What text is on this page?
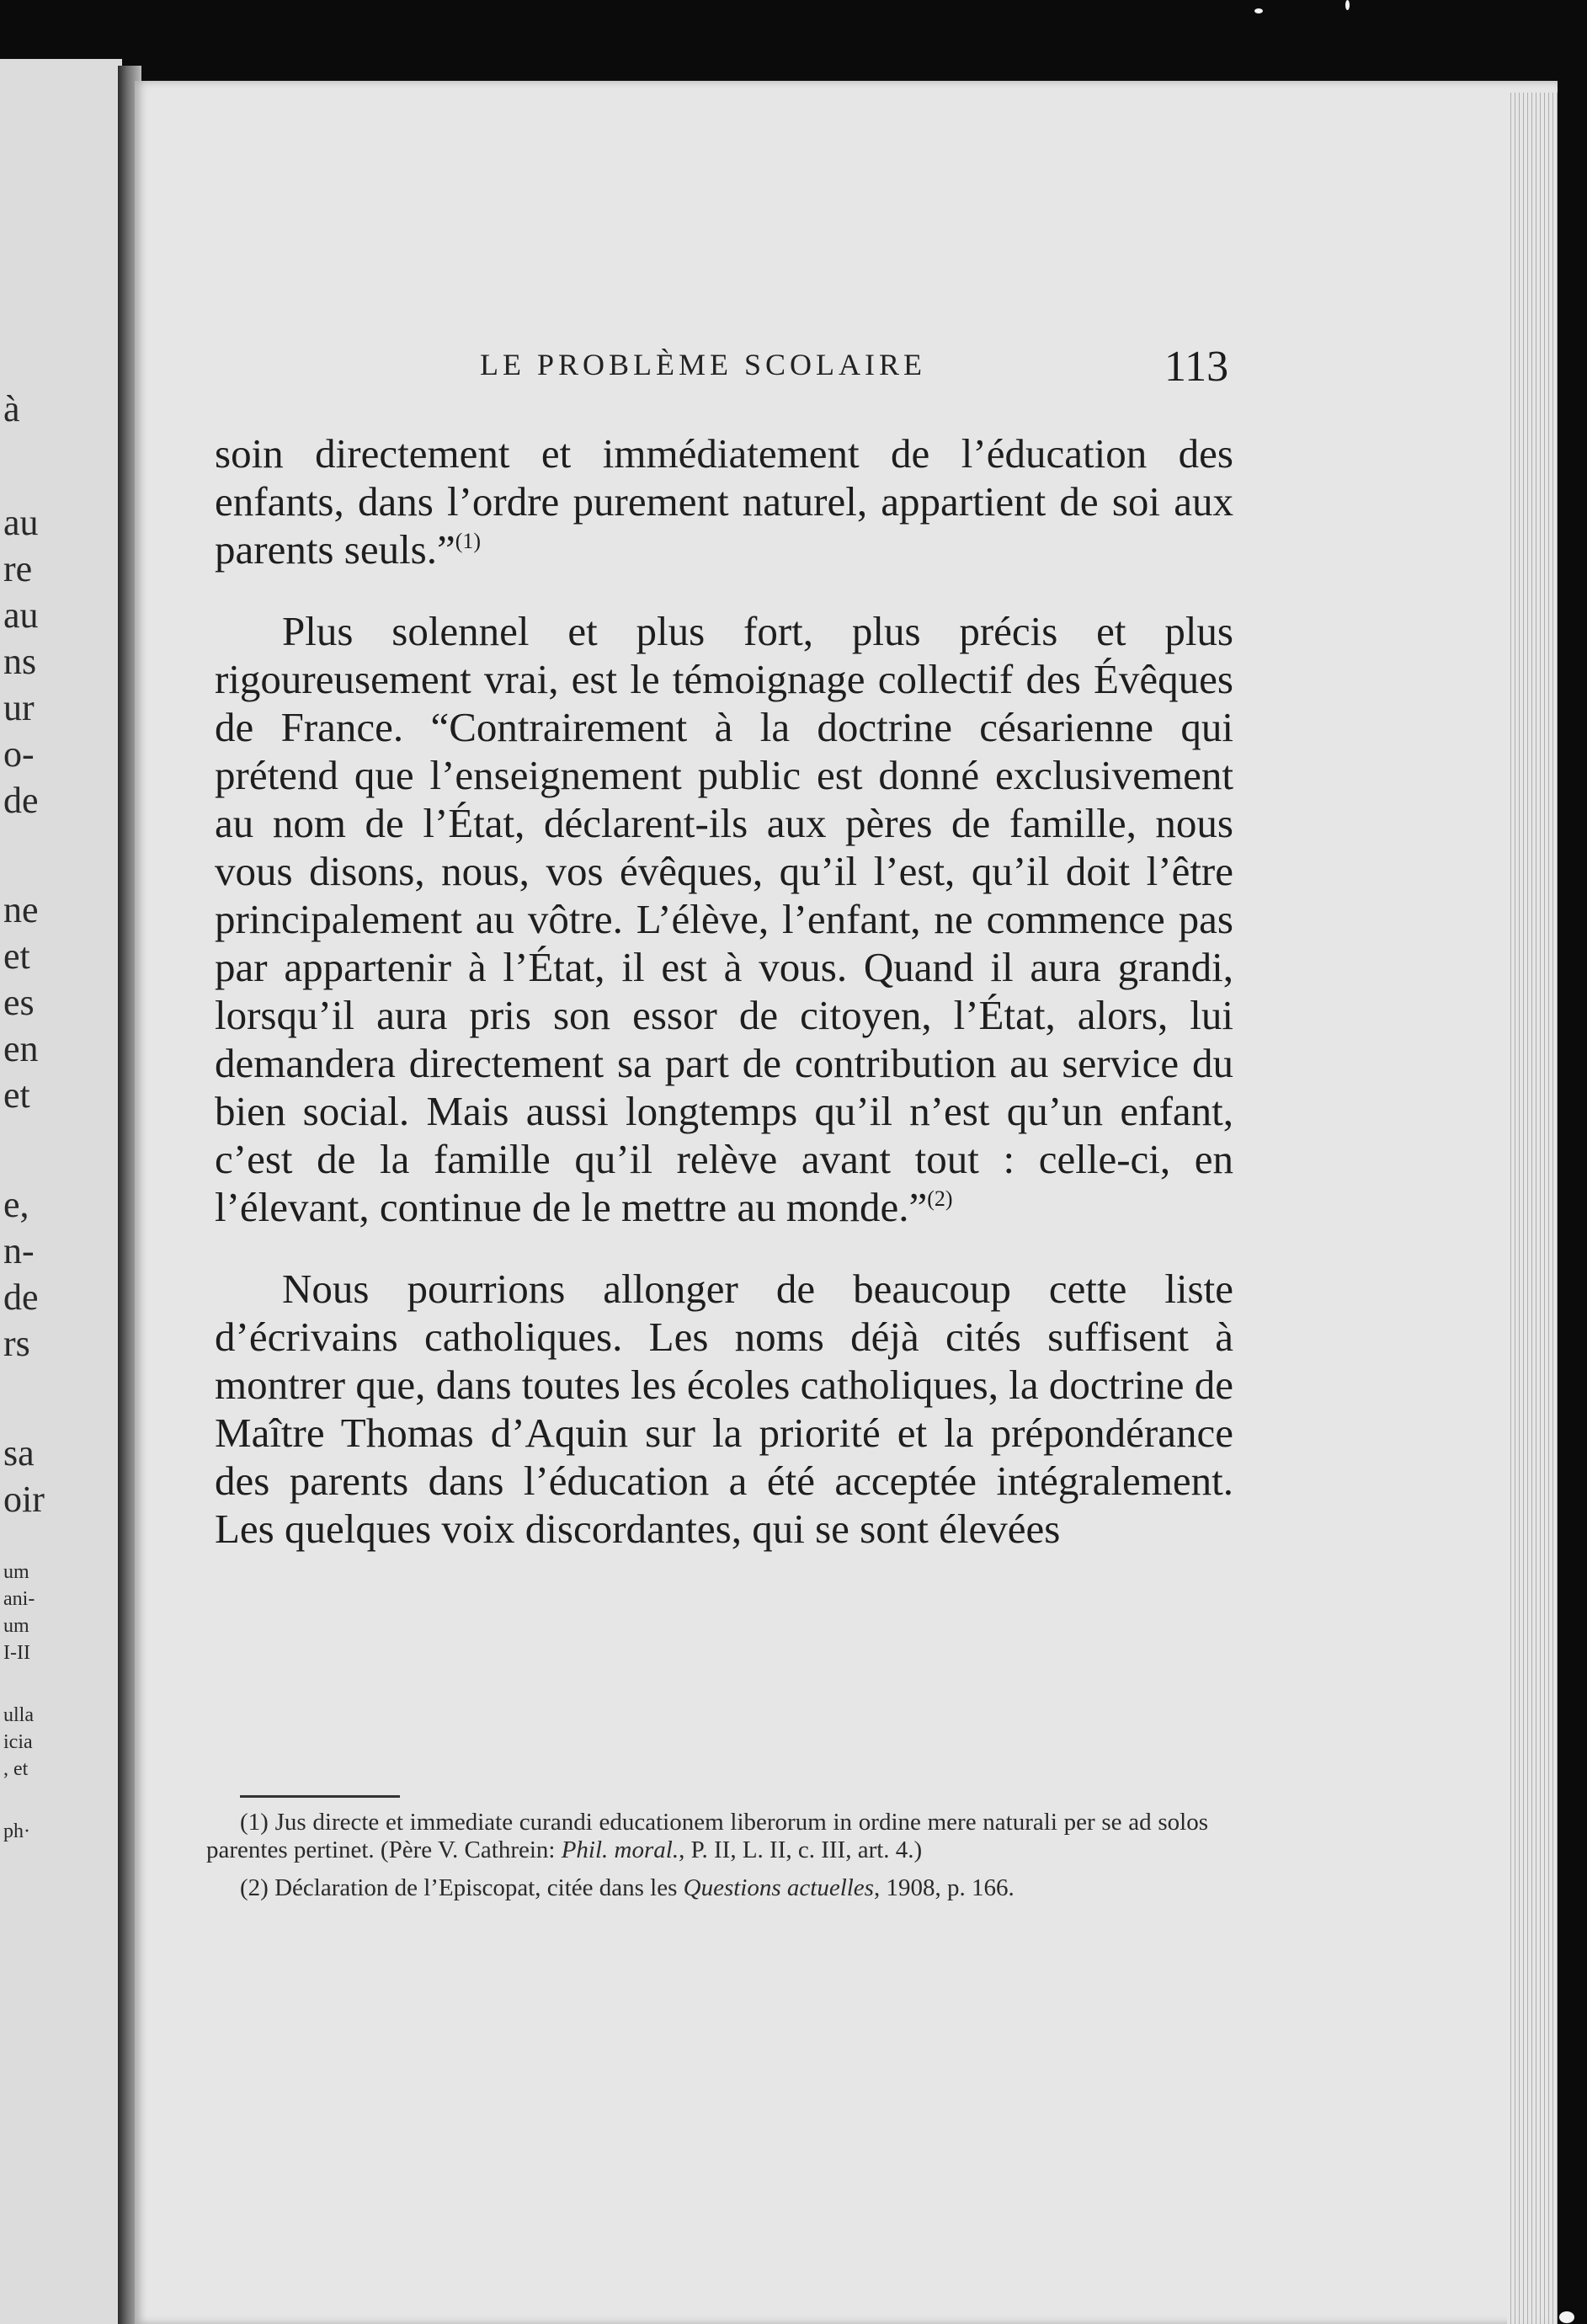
à
au
re
au
ns
ur
o-
de
ne
et
es
en
et
e,
n-
de
rs
sa
oir
um
ani-
um
I-II
ulla
icia
, et
ph·
LE PROBLÈME SCOLAIRE	113

soin directement et immédiatement de l’éducation des enfants, dans l’ordre purement naturel, appartient de soi aux parents seuls.”$^{(1)}$

Plus solennel et plus fort, plus précis et plus rigoureusement vrai, est le témoignage collectif des Évêques de France. “Contrairement à la doctrine césarienne qui prétend que l’enseignement public est donné exclusivement au nom de l’État, déclarent-ils aux pères de famille, nous vous disons, nous, vos évêques, qu’il l’est, qu’il doit l’être principalement au vôtre. L’élève, l’enfant, ne commence pas par appartenir à l’État, il est à vous. Quand il aura grandi, lorsqu’il aura pris son essor de citoyen, l’État, alors, lui demandera directement sa part de contribution au service du bien social. Mais aussi longtemps qu’il n’est qu’un enfant, c’est de la famille qu’il relève avant tout : celle-ci, en l’élevant, continue de le mettre au monde.”$^{(2)}$

Nous pourrions allonger de beaucoup cette liste d’écrivains catholiques. Les noms déjà cités suffisent à montrer que, dans toutes les écoles catholiques, la doctrine de Maître Thomas d’Aquin sur la priorité et la prépondérance des parents dans l’éducation a été acceptée intégralement. Les quelques voix discordantes, qui se sont élevées

(1) Jus directe et immediate curandi educationem liberorum in ordine mere naturali per se ad solos parentes pertinet. (Père V. Cathrein: Phil. moral., P. II, L. II, c. III, art. 4.)

(2) Déclaration de l’Episcopat, citée dans les Questions actuelles, 1908, p. 166.
